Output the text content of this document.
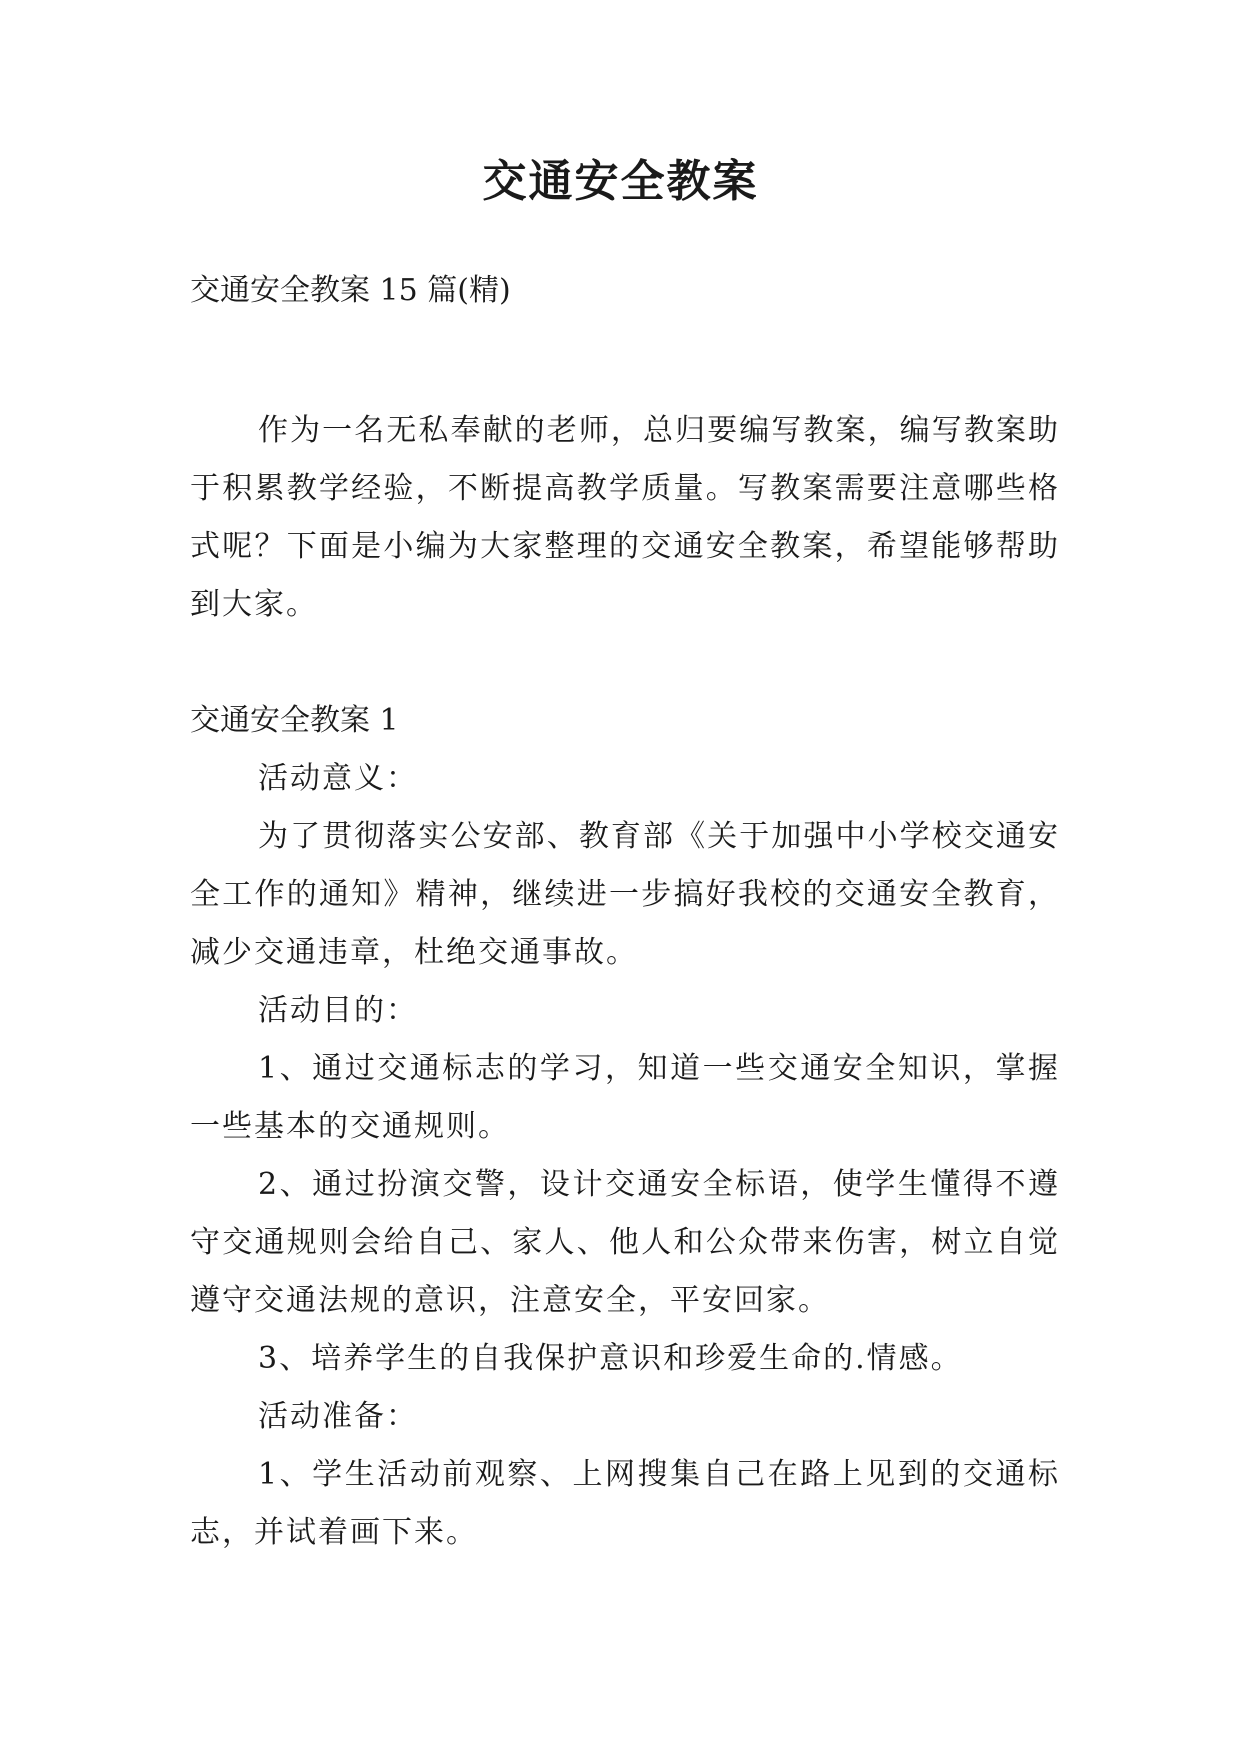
交通安全教案

交通安全教案 15 篇(精)

作为一名无私奉献的老师，总归要编写教案，编写教案助于积累教学经验，不断提高教学质量。写教案需要注意哪些格式呢？下面是小编为大家整理的交通安全教案，希望能够帮助到大家。

交通安全教案 1

活动意义：

为了贯彻落实公安部、教育部《关于加强中小学校交通安全工作的通知》精神，继续进一步搞好我校的交通安全教育，减少交通违章，杜绝交通事故。

活动目的：

1、通过交通标志的学习，知道一些交通安全知识，掌握一些基本的交通规则。

2、通过扮演交警，设计交通安全标语，使学生懂得不遵守交通规则会给自己、家人、他人和公众带来伤害，树立自觉遵守交通法规的意识，注意安全，平安回家。

3、培养学生的自我保护意识和珍爱生命的.情感。

活动准备：

1、学生活动前观察、上网搜集自己在路上见到的交通标志，并试着画下来。
